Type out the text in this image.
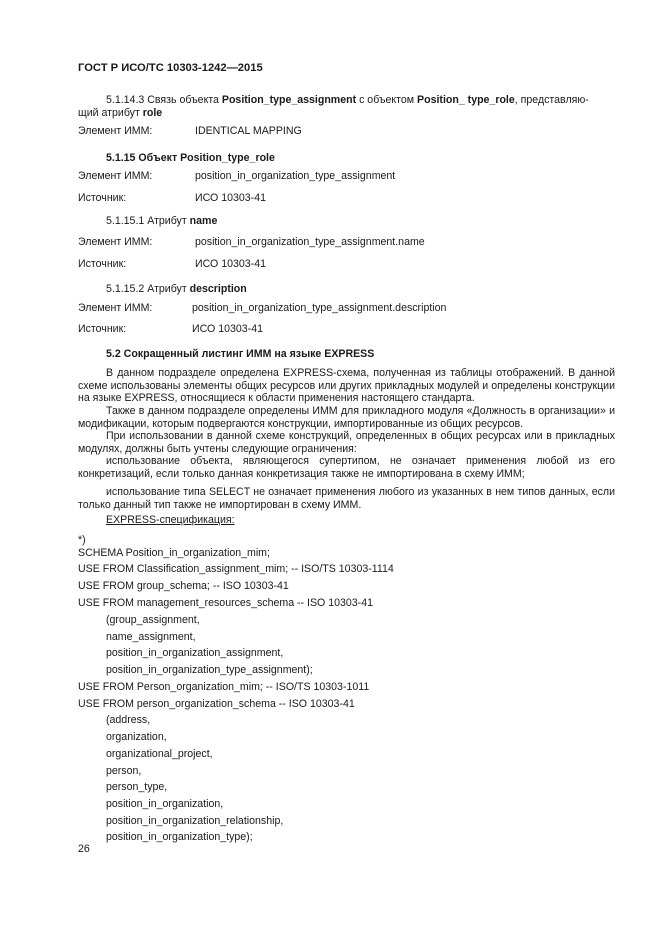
ГОСТ Р ИСО/ТС 10303-1242—2015
5.1.14.3 Связь объекта Position_type_assignment с объектом Position_ type_role, представляю-
щий атрибут role
Элемент ИММ:	IDENTICAL MAPPING
5.1.15 Объект Position_type_role
Элемент ИММ:	position_in_organization_type_assignment
Источник:	ИСО 10303-41
5.1.15.1 Атрибут name
Элемент ИММ:	position_in_organization_type_assignment.name
Источник:	ИСО 10303-41
5.1.15.2 Атрибут description
Элемент ИММ:	position_in_organization_type_assignment.description
Источник:	ИСО 10303-41
5.2 Сокращенный листинг ИММ на языке EXPRESS
В данном подразделе определена EXPRESS-схема, полученная из таблицы отображений. В данной схеме использованы элементы общих ресурсов или других прикладных модулей и определены конструкции на языке EXPRESS, относящиеся к области применения настоящего стандарта.
Также в данном подразделе определены ИММ для прикладного модуля «Должность в организации» и модификации, которым подвергаются конструкции, импортированные из общих ресурсов.
При использовании в данной схеме конструкций, определенных в общих ресурсах или в прикладных модулях, должны быть учтены следующие ограничения:
использование объекта, являющегося супертипом, не означает применения любой из его конкретизаций, если только данная конкретизация также не импортирована в схему ИММ;
использование типа SELECT не означает применения любого из указанных в нем типов данных, если только данный тип также не импортирован в схему ИММ.
EXPRESS-спецификация:
*)
SCHEMA Position_in_organization_mim;
USE FROM Classification_assignment_mim; -- ISO/TS 10303-1114
USE FROM group_schema; -- ISO 10303-41
USE FROM management_resources_schema -- ISO 10303-41
(group_assignment,
name_assignment,
position_in_organization_assignment,
position_in_organization_type_assignment);
USE FROM Person_organization_mim; -- ISO/TS 10303-1011
USE FROM person_organization_schema -- ISO 10303-41
(address,
organization,
organizational_project,
person,
person_type,
position_in_organization,
position_in_organization_relationship,
position_in_organization_type);
26
